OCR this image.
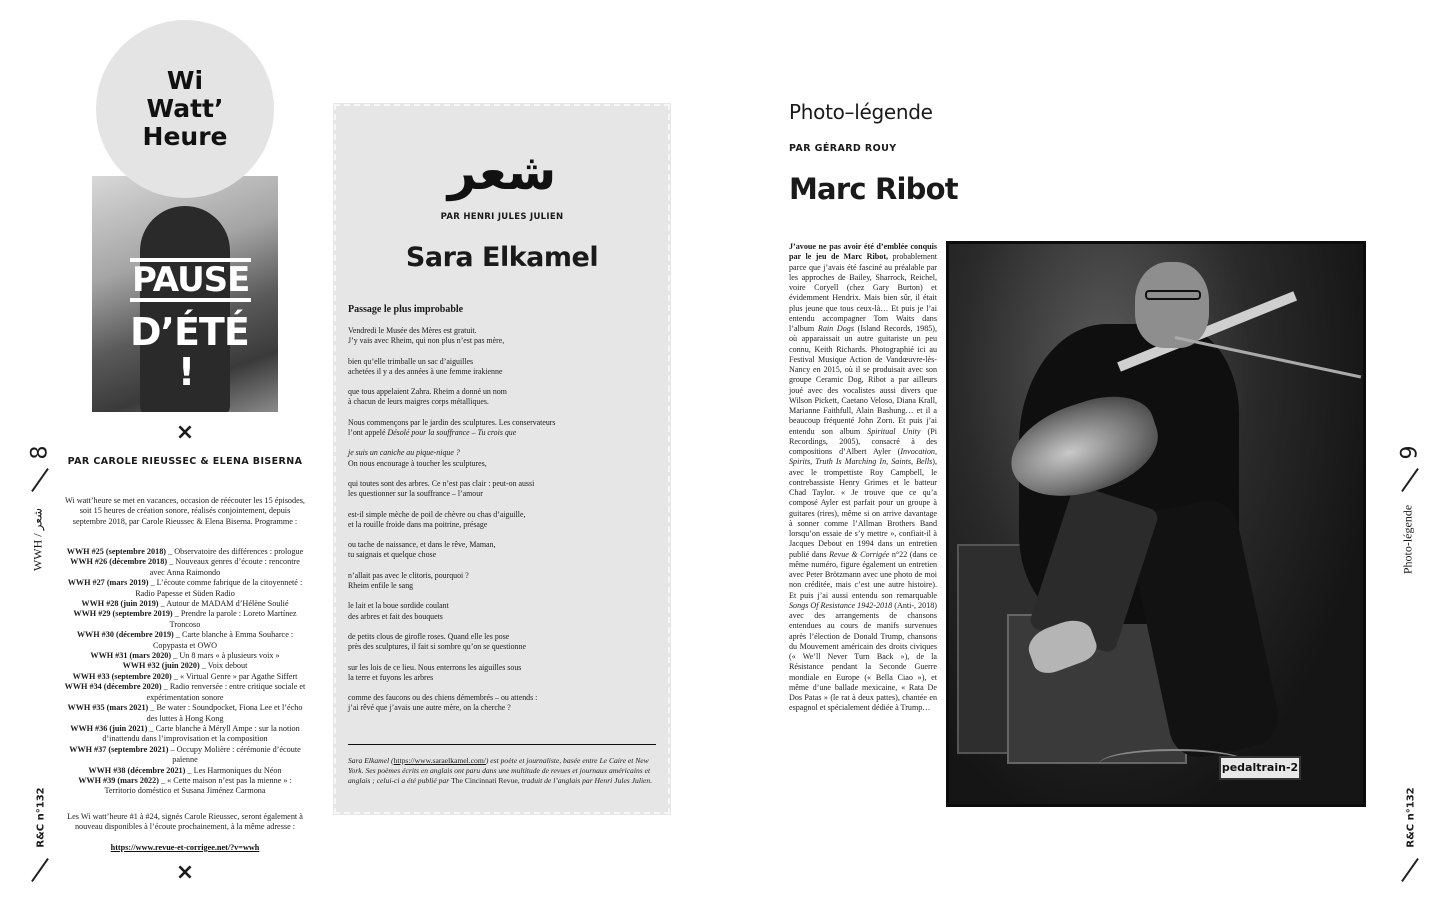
8
WWH / شعر
R&C n°132
9
Photo-légende
R&C n°132
PAUSE
D’ÉTÉ !
Wi
Watt’
Heure
×
PAR CAROLE RIEUSSEC & ELENA BISERNA

Wi watt’heure se met en vacances, occasion de réécouter les 15 épisodes, soit 15 heures de création sonore, réalisés conjointement, depuis septembre 2018, par Carole Rieussec & Elena Biserna. Programme :

WWH #25 (septembre 2018) _ Observatoire des différences : prologue
WWH #26 (décembre 2018) _ Nouveaux genres d’écoute : rencontre avec Anna Raimondo
WWH #27 (mars 2019) _ L’écoute comme fabrique de la citoyenneté : Radio Papesse et Süden Radio
WWH #28 (juin 2019) _ Autour de MADAM d’Hélène Soulié
WWH #29 (septembre 2019) _ Prendre la parole : Loreto Martínez Troncoso
WWH #30 (décembre 2019) _ Carte blanche à Emma Souharce : Copypasta et OWO
WWH #31 (mars 2020) _ Un 8 mars « à plusieurs voix »
WWH #32 (juin 2020) _ Voix debout
WWH #33 (septembre 2020) _ « Virtual Genre » par Agathe Siffert
WWH #34 (décembre 2020) _ Radio renversée : entre critique sociale et expérimentation sonore
WWH #35 (mars 2021) _ Be water : Soundpocket, Fiona Lee et l’écho des luttes à Hong Kong
WWH #36 (juin 2021) _ Carte blanche à Méryll Ampe : sur la notion d’inattendu dans l’improvisation et la composition
WWH #37 (septembre 2021) – Occupy Molière : cérémonie d’écoute païenne
WWH #38 (décembre 2021) _ Les Harmoniques du Néon
WWH #39 (mars 2022) _ « Cette maison n’est pas la mienne » : Territorio doméstico et Susana Jiménez Carmona

Les Wi watt’heure #1 à #24, signés Carole Rieussec, seront également à nouveau disponibles à l’écoute prochainement, à la même adresse :

https://www.revue-et-corrigee.net/?v=wwh
×
شعر
PAR HENRI JULES JULIEN
Sara Elkamel
Passage le plus improbable
Vendredi le Musée des Mères est gratuit.
J’y vais avec Rheim, qui non plus n’est pas mère,
bien qu’elle trimballe un sac d’aiguilles
achetées il y a des années à une femme irakienne
que tous appelaient Zahra. Rheim a donné un nom
à chacun de leurs maigres corps métalliques.
Nous commençons par le jardin des sculptures. Les conservateurs
l’ont appelé Désolé pour la souffrance – Tu crois que
je suis un caniche au pique-nique ?
On nous encourage à toucher les sculptures,
qui toutes sont des arbres. Ce n’est pas clair : peut-on aussi
les questionner sur la souffrance – l’amour
est-il simple mèche de poil de chèvre ou chas d’aiguille,
et la rouille froide dans ma poitrine, présage
ou tache de naissance, et dans le rêve, Maman,
tu saignais et quelque chose
n’allait pas avec le clitoris, pourquoi ?
Rheim enfile le sang
le lait et la boue sordide coulant
des arbres et fait des bouquets
de petits clous de girofle roses. Quand elle les pose
près des sculptures, il fait si sombre qu’on se questionne
sur les lois de ce lieu. Nous enterrons les aiguilles sous
la terre et fuyons les arbres
comme des faucons ou des chiens démembrés – ou attends :
j’ai rêvé que j’avais une autre mère, on la cherche ?

Sara Elkamel (https://www.saraelkamel.com/) est poète et journaliste, basée entre Le Caire et New York. Ses poèmes écrits en anglais ont paru dans une multitude de revues et journaux américains et anglais ; celui-ci a été publié par The Cincinnati Revue, traduit de l’anglais par Henri Jules Julien.

Photo–légende
PAR GÉRARD ROUY
Marc Ribot

J’avoue ne pas avoir été d’emblée conquis par le jeu de Marc Ribot, probablement parce que j’avais été fasciné au préalable par les approches de Bailey, Sharrock, Reichel, voire Coryell (chez Gary Burton) et évidemment Hendrix. Mais bien sûr, il était plus jeune que tous ceux-là… Et puis je l’ai entendu accompagner Tom Waits dans l’album Rain Dogs (Island Records, 1985), où apparaissait un autre guitariste un peu connu, Keith Richards. Photographié ici au Festival Musique Action de Vandœuvre-lès-Nancy en 2015, où il se produisait avec son groupe Ceramic Dog, Ribot a par ailleurs joué avec des vocalistes aussi divers que Wilson Pickett, Caetano Veloso, Diana Krall, Marianne Faithfull, Alain Bashung… et il a beaucoup fréquenté John Zorn. Et puis j’ai entendu son album Spiritual Unity (Pi Recordings, 2005), consacré à des compositions d’Albert Ayler (Invocation, Spirits, Truth Is Marching In, Saints, Bells), avec le trompettiste Roy Campbell, le contrebassiste Henry Grimes et le batteur Chad Taylor. « Je trouve que ce qu’a composé Ayler est parfait pour un groupe à guitares (rires), même si on arrive davantage à sonner comme l’Allman Brothers Band lorsqu’on essaie de s’y mettre », confiait-il à Jacques Debout en 1994 dans un entretien publié dans Revue & Corrigée n°22 (dans ce même numéro, figure également un entretien avec Peter Brötzmann avec une photo de moi non créditée, mais c’est une autre histoire). Et puis j’ai aussi entendu son remarquable Songs Of Resistance 1942-2018 (Anti-, 2018) avec des arrangements de chansons entendues au cours de manifs survenues après l’élection de Donald Trump, chansons du Mouvement américain des droits civiques (« We’ll Never Turn Back »), de la Résistance pendant la Seconde Guerre mondiale en Europe (« Bella Ciao »), et même d’une ballade mexicaine, « Rata De Dos Patas » (le rat à deux pattes), chantée en espagnol et spécialement dédiée à Trump…

pedaltrain-2
